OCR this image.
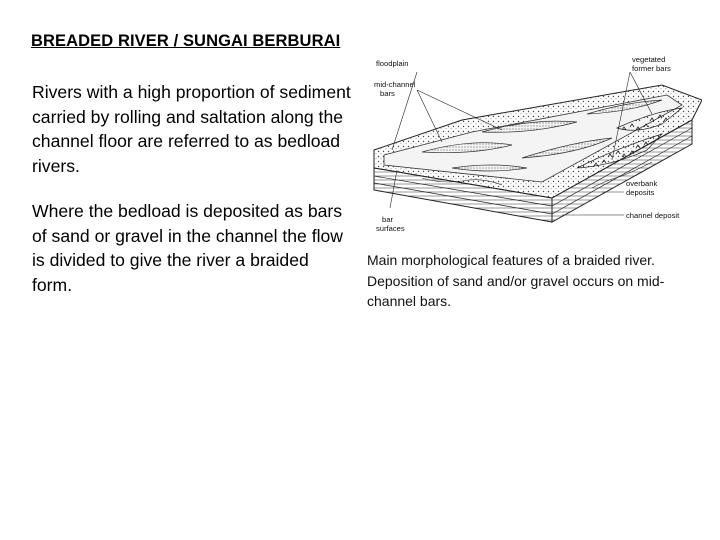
BREADED RIVER / SUNGAI BERBURAI

Rivers with a high proportion of sediment carried by rolling and saltation along the channel floor are referred to as bedload rivers.

Where the bedload is deposited as bars of sand or gravel in the channel the flow is divided to give the river a braided form.

floodplain	vegetated
former bars
mid-channel
bars
overbank
deposits
channel deposit
bar
surfaces
Main morphological features of a braided river. Deposition of sand and/or gravel occurs on mid-channel bars.
